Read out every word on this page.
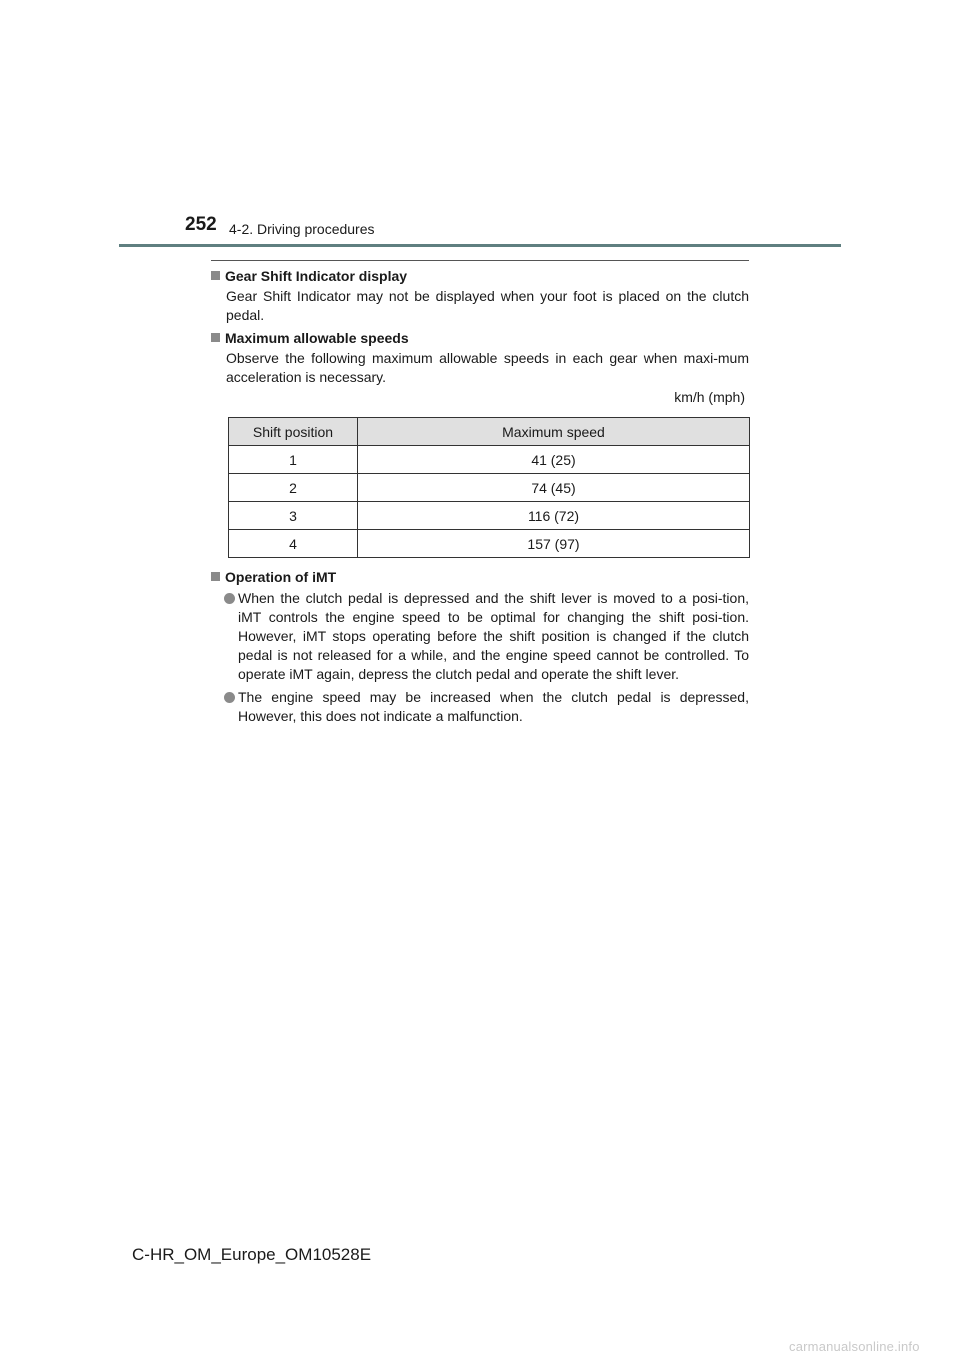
252 4-2. Driving procedures
Gear Shift Indicator display
Gear Shift Indicator may not be displayed when your foot is placed on the clutch pedal.
Maximum allowable speeds
Observe the following maximum allowable speeds in each gear when maxi-mum acceleration is necessary.
km/h (mph)
Shift position	Maximum speed
1	41 (25)
2	74 (45)
3	116 (72)
4	157 (97)
Operation of iMT
When the clutch pedal is depressed and the shift lever is moved to a posi-tion, iMT controls the engine speed to be optimal for changing the shift posi-tion. However, iMT stops operating before the shift position is changed if the clutch pedal is not released for a while, and the engine speed cannot be controlled. To operate iMT again, depress the clutch pedal and operate the shift lever.
The engine speed may be increased when the clutch pedal is depressed, However, this does not indicate a malfunction.
C-HR_OM_Europe_OM10528E
carmanualsonline.info
